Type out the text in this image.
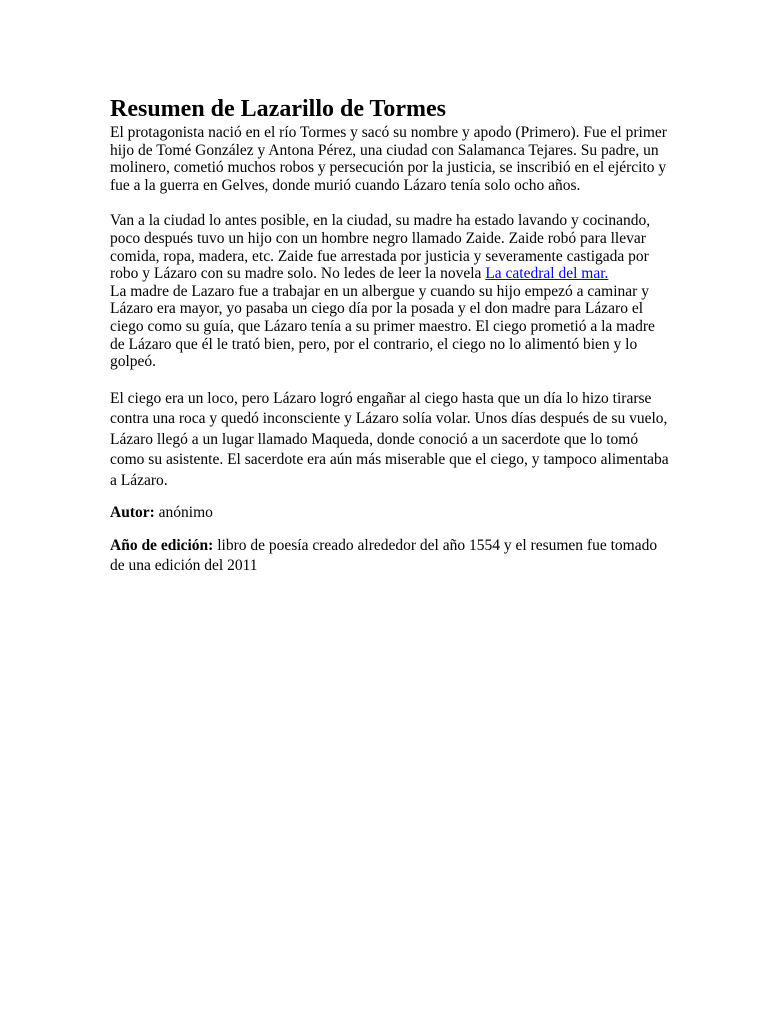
Resumen de Lazarillo de Tormes

El protagonista nació en el río Tormes y sacó su nombre y apodo (Primero). Fue el primer hijo de Tomé González y Antona Pérez, una ciudad con Salamanca Tejares. Su padre, un molinero, cometió muchos robos y persecución por la justicia, se inscribió en el ejército y fue a la guerra en Gelves, donde murió cuando Lázaro tenía solo ocho años.

Van a la ciudad lo antes posible, en la ciudad, su madre ha estado lavando y cocinando, poco después tuvo un hijo con un hombre negro llamado Zaide. Zaide robó para llevar comida, ropa, madera, etc. Zaide fue arrestada por justicia y severamente castigada por robo y Lázaro con su madre solo. No ledes de leer la novela La catedral del mar.

La madre de Lazaro fue a trabajar en un albergue y cuando su hijo empezó a caminar y Lázaro era mayor, yo pasaba un ciego día por la posada y el don madre para Lázaro el ciego como su guía, que Lázaro tenía a su primer maestro. El ciego prometió a la madre de Lázaro que él le trató bien, pero, por el contrario, el ciego no lo alimentó bien y lo golpeó.

El ciego era un loco, pero Lázaro logró engañar al ciego hasta que un día lo hizo tirarse contra una roca y quedó inconsciente y Lázaro solía volar. Unos días después de su vuelo, Lázaro llegó a un lugar llamado Maqueda, donde conoció a un sacerdote que lo tomó como su asistente. El sacerdote era aún más miserable que el ciego, y tampoco alimentaba a Lázaro.

Autor: anónimo

Año de edición: libro de poesía creado alrededor del año 1554 y el resumen fue tomado de una edición del 2011
